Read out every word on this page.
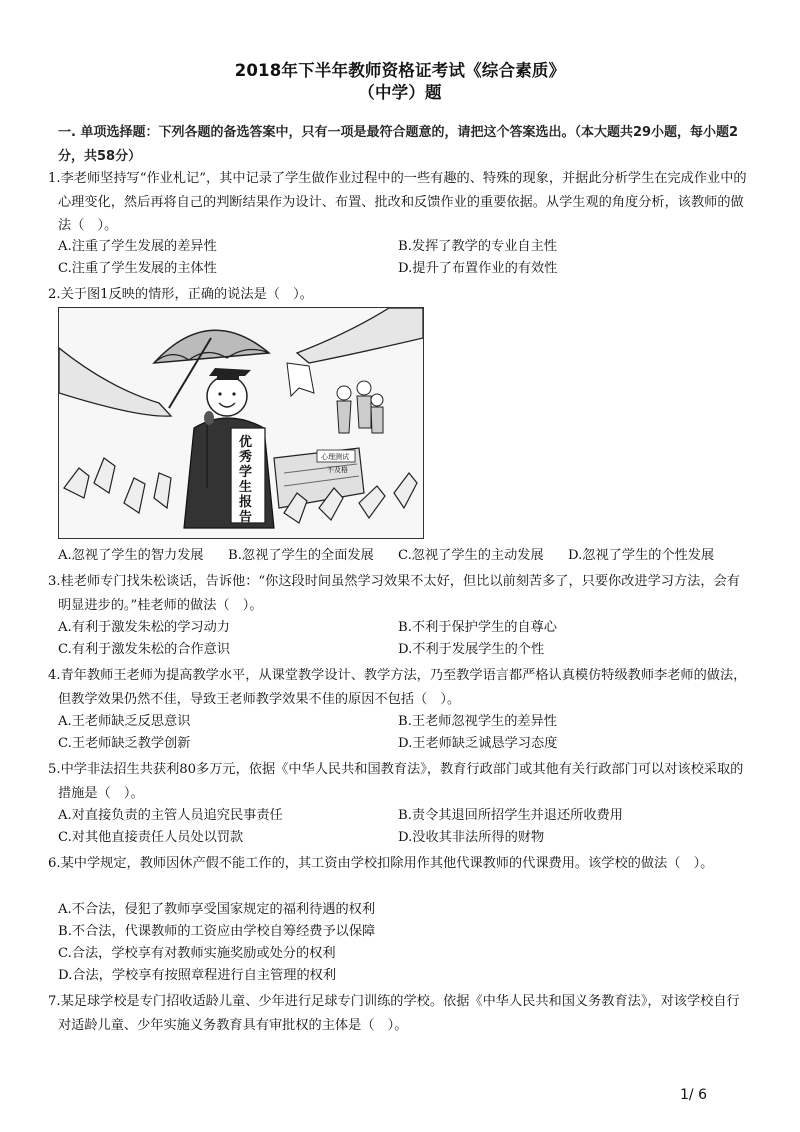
2018年下半年教师资格证考试《综合素质》
（中学）题
一. 单项选择题：下列各题的备选答案中，只有一项是最符合题意的，请把这个答案选出。（本大题共29小题，每小题2分，共58分）
1.李老师坚持写“作业札记”，其中记录了学生做作业过程中的一些有趣的、特殊的现象，并据此分析学生在完成作业中的心理变化，然后再将自己的判断结果作为设计、布置、批改和反馈作业的重要依据。从学生观的角度分析，该教师的做法（　）。
A.注重了学生发展的差异性	B.发挥了教学的专业自主性
C.注重了学生发展的主体性	D.提升了布置作业的有效性
2.关于图1反映的情形，正确的说法是（　）。
优秀学生报告
心理测试
不及格
A.忽视了学生的智力发展 B.忽视了学生的全面发展 C.忽视了学生的主动发展 D.忽视了学生的个性发展
3.桂老师专门找朱松谈话，告诉他：“你这段时间虽然学习效果不太好，但比以前刻苦多了，只要你改进学习方法，会有明显进步的。”桂老师的做法（　）。
A.有利于激发朱松的学习动力	B.不利于保护学生的自尊心
C.有利于激发朱松的合作意识	D.不利于发展学生的个性
4.青年教师王老师为提高教学水平，从课堂教学设计、教学方法，乃至教学语言都严格认真模仿特级教师李老师的做法，但教学效果仍然不佳，导致王老师教学效果不佳的原因不包括（　）。
A.王老师缺乏反思意识	B.王老师忽视学生的差异性
C.王老师缺乏教学创新	D.王老师缺乏诚恳学习态度
5.中学非法招生共获利80多万元，依据《中华人民共和国教育法》，教育行政部门或其他有关行政部门可以对该校采取的措施是（　）。
A.对直接负责的主管人员追究民事责任	B.责令其退回所招学生并退还所收费用
C.对其他直接责任人员处以罚款	D.没收其非法所得的财物
6.某中学规定，教师因休产假不能工作的，其工资由学校扣除用作其他代课教师的代课费用。该学校的做法（　）。
A.不合法，侵犯了教师享受国家规定的福利待遇的权利
B.不合法，代课教师的工资应由学校自筹经费予以保障
C.合法，学校享有对教师实施奖励或处分的权利
D.合法，学校享有按照章程进行自主管理的权利
7.某足球学校是专门招收适龄儿童、少年进行足球专门训练的学校。依据《中华人民共和国义务教育法》，对该学校自行对适龄儿童、少年实施义务教育具有审批权的主体是（　）。
1/ 6
